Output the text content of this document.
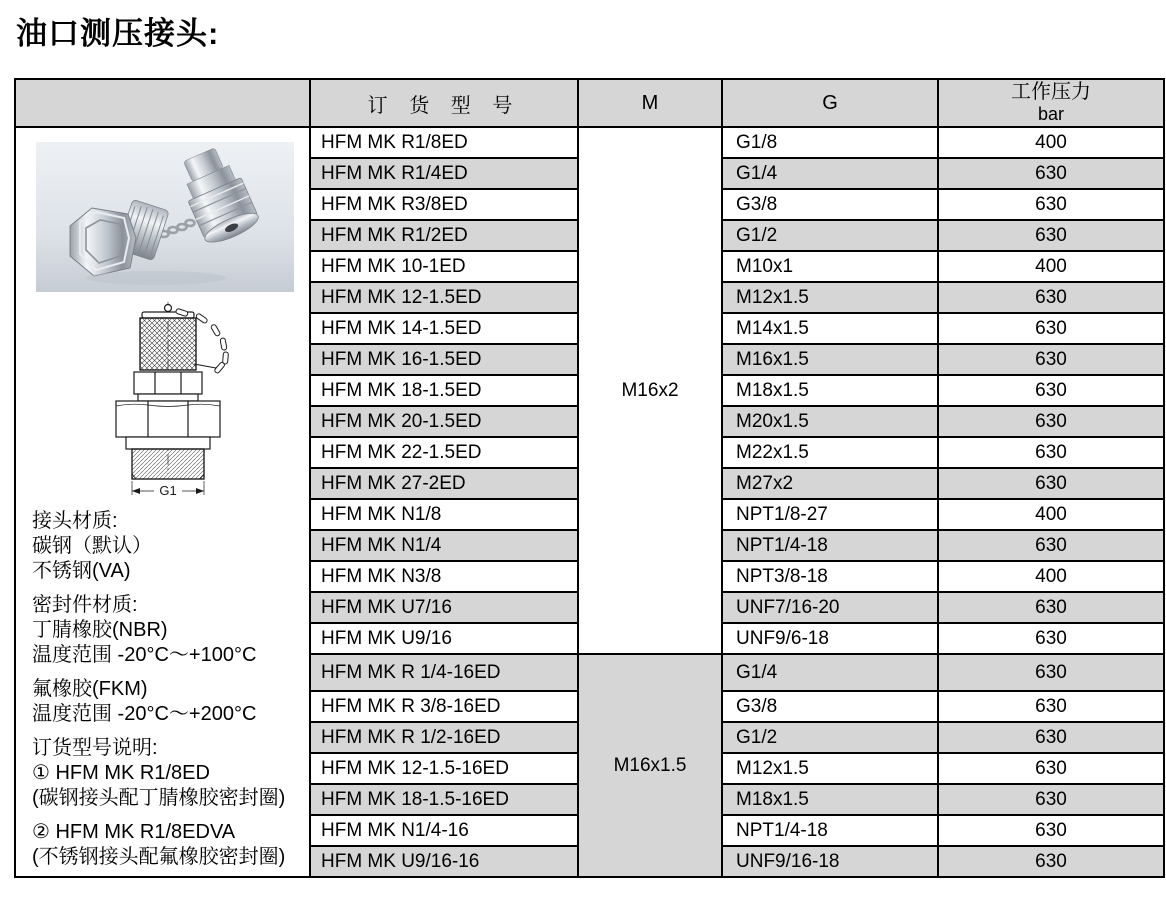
油口测压接头:
	订 货 型 号	M	G	工作压力
bar

G1
接头材质:
碳钢（默认）
不锈钢(VA)
密封件材质:
丁腈橡胶(NBR)
温度范围 -20°C～+100°C
氟橡胶(FKM)
温度范围 -20°C～+200°C
订货型号说明:
① HFM MK R1/8ED
(碳钢接头配丁腈橡胶密封圈)
② HFM MK R1/8EDVA
(不锈钢接头配氟橡胶密封圈)
	HFM MK R1/8ED	M16x2	G1/8	400
	HFM MK R1/4ED		G1/4	630
	HFM MK R3/8ED		G3/8	630
	HFM MK R1/2ED		G1/2	630
	HFM MK 10-1ED		M10x1	400
	HFM MK 12-1.5ED		M12x1.5	630
	HFM MK 14-1.5ED		M14x1.5	630
	HFM MK 16-1.5ED		M16x1.5	630
	HFM MK 18-1.5ED		M18x1.5	630
	HFM MK 20-1.5ED		M20x1.5	630
	HFM MK 22-1.5ED		M22x1.5	630
	HFM MK 27-2ED		M27x2	630
	HFM MK N1/8		NPT1/8-27	400
	HFM MK N1/4		NPT1/4-18	630
	HFM MK N3/8		NPT3/8-18	400
	HFM MK U7/16		UNF7/16-20	630
	HFM MK U9/16		UNF9/6-18	630
	HFM MK R 1/4-16ED	M16x1.5	G1/4	630
	HFM MK R 3/8-16ED		G3/8	630
	HFM MK R 1/2-16ED		G1/2	630
	HFM MK 12-1.5-16ED		M12x1.5	630
	HFM MK 18-1.5-16ED		M18x1.5	630
	HFM MK N1/4-16		NPT1/4-18	630
	HFM MK U9/16-16		UNF9/16-18	630
